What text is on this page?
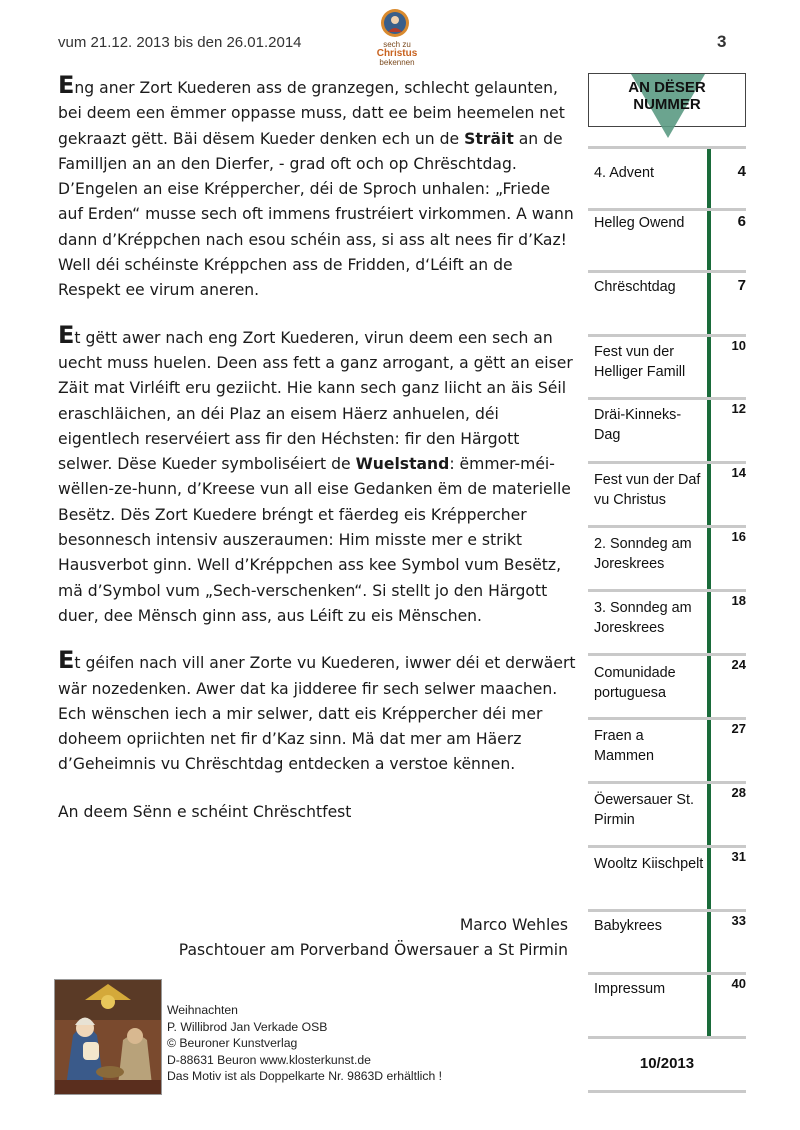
vum 21.12. 2013 bis den 26.01.2014	sech zu
Christus
bekennen
3

Eng aner Zort Kuederen ass de granzegen, schlecht gelaunten, bei deem een ëmmer oppasse muss, datt ee beim heemelen net gekraazt gëtt. Bäi dësem Kueder denken ech un de Sträit an de Familljen an an den Dierfer, - grad oft och op Chrëschtdag. D’Engelen an eise Kréppercher, déi de Sproch unhalen: „Friede auf Erden“ musse sech oft immens frustréiert virkommen. A wann dann d’Kréppchen nach esou schéin ass, si ass alt nees fir d’Kaz! Well déi schéinste Kréppchen ass de Fridden, d‘Léift an de Respekt ee virum aneren.

Et gëtt awer nach eng Zort Kuederen, virun deem een sech an uecht muss huelen. Deen ass fett a ganz arrogant, a gëtt an eiser Zäit mat Virléift eru geziicht. Hie kann sech ganz liicht an äis Séil eraschläichen, an déi Plaz an eisem Häerz anhuelen, déi eigentlech reservéiert ass fir den Héchsten: fir den Härgott selwer. Dëse Kueder symboliséiert de Wuelstand: ëmmer-méi-wëllen-ze-hunn, d’Kreese vun all eise Gedanken ëm de materielle Besëtz. Dës Zort Kuedere bréngt et fäerdeg eis Kréppercher besonnesch intensiv auszeraumen: Him misste mer e strikt Hausverbot ginn. Well d’Kréppchen ass kee Symbol vum Besëtz, mä d’Symbol vum „Sech-verschenken“. Si stellt jo den Härgott duer, dee Mënsch ginn ass, aus Léift zu eis Mënschen.

Et géifen nach vill aner Zorte vu Kuederen, iwwer déi et derwäert wär nozedenken. Awer dat ka jidderee fir sech selwer maachen. Ech wënschen iech a mir selwer, datt eis Kréppercher déi mer doheem opriichten net fir d’Kaz sinn. Mä dat mer am Häerz d’Geheimnis vu Chrëschtdag entdecken a verstoe kënnen.

An deem Sënn e schéint Chrëschtfest

Marco Wehles
Paschtouer am Porverband Öwersauer a St Pirmin
Weihnachten
P. Willibrod Jan Verkade OSB
© Beuroner Kunstverlag
D-88631 Beuron www.klosterkunst.de
Das Motiv ist als Doppelkarte Nr. 9863D erhältlich !
AN DËSER
NUMMER
4. Advent	4
Helleg Owend	6
Chrëschtdag	7
Fest vun der Helliger Famill
10
Dräi-Kinneks-Dag
12
Fest vun der Daf vu Christus
14
2. Sonndeg am Joreskrees
16
3. Sonndeg am Joreskrees
18
Comunidade portuguesa
24
Fraen a Mammen
27
Öewersauer St. Pirmin
28
Wooltz Kiischpelt	31
Babykrees	33
Impressum	40
10/2013
